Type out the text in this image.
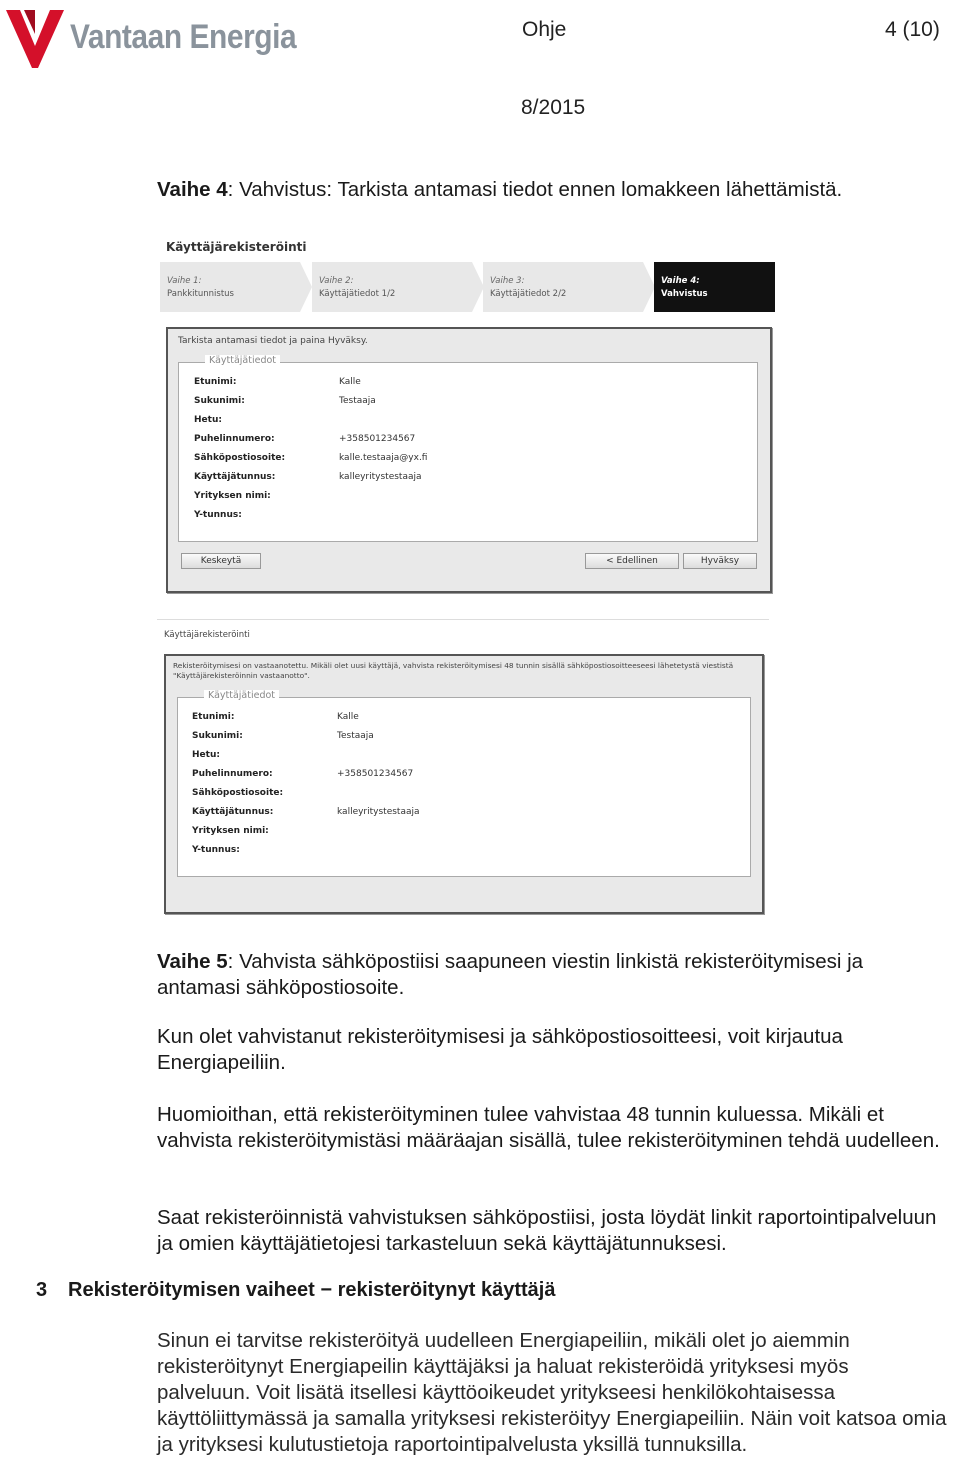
Vantaan Energia	Ohje	4 (10)
8/2015
Vaihe 4: Vahvistus: Tarkista antamasi tiedot ennen lomakkeen lähettämistä.
Käyttäjärekisteröinti
Vaihe 1:
Pankkitunnistus
Vaihe 2:
Käyttäjätiedot 1/2
Vaihe 3:
Käyttäjätiedot 2/2
Vaihe 4:
Vahvistus
Tarkista antamasi tiedot ja paina Hyväksy.
Käyttäjätiedot
Etunimi:	Kalle
Sukunimi:	Testaaja
Hetu:
Puhelinnumero:	+358501234567
Sähköpostiosoite:	kalle.testaaja@yx.fi
Käyttäjätunnus:	kalleyritystestaaja
Yrityksen nimi:
Y-tunnus:
Keskeytä	< Edellinen	Hyväksy
Käyttäjärekisteröinti
Rekisteröitymisesi on vastaanotettu. Mikäli olet uusi käyttäjä, vahvista rekisteröitymisesi 48 tunnin sisällä sähköpostiosoitteeseesi lähetetystä viestistä
"Käyttäjärekisteröinnin vastaanotto".
Käyttäjätiedot
Etunimi:	Kalle
Sukunimi:	Testaaja
Hetu:
Puhelinnumero:	+358501234567
Sähköpostiosoite:
Käyttäjätunnus:	kalleyritystestaaja
Yrityksen nimi:
Y-tunnus:
Vaihe 5: Vahvista sähköpostiisi saapuneen viestin linkistä rekisteröitymisesi ja antamasi sähköpostiosoite.
Kun olet vahvistanut rekisteröitymisesi ja sähköpostiosoitteesi, voit kirjautua Energiapeiliin.
Huomioithan, että rekisteröityminen tulee vahvistaa 48 tunnin kuluessa. Mikäli et vahvista rekisteröitymistäsi määräajan sisällä, tulee rekisteröityminen tehdä uudelleen.
Saat rekisteröinnistä vahvistuksen sähköpostiisi, josta löydät linkit raportointipalveluun ja omien käyttäjätietojesi tarkasteluun sekä käyttäjätunnuksesi.
3 Rekisteröitymisen vaiheet − rekisteröitynyt käyttäjä
Sinun ei tarvitse rekisteröityä uudelleen Energiapeiliin, mikäli olet jo aiemmin rekisteröitynyt Energiapeilin käyttäjäksi ja haluat rekisteröidä yrityksesi myös palveluun. Voit lisätä itsellesi käyttöoikeudet yritykseesi henkilökohtaisessa käyttöliittymässä ja samalla yrityksesi rekisteröityy Energiapeiliin. Näin voit katsoa omia ja yrityksesi kulutustietoja raportointipalvelusta yksillä tunnuksilla.
